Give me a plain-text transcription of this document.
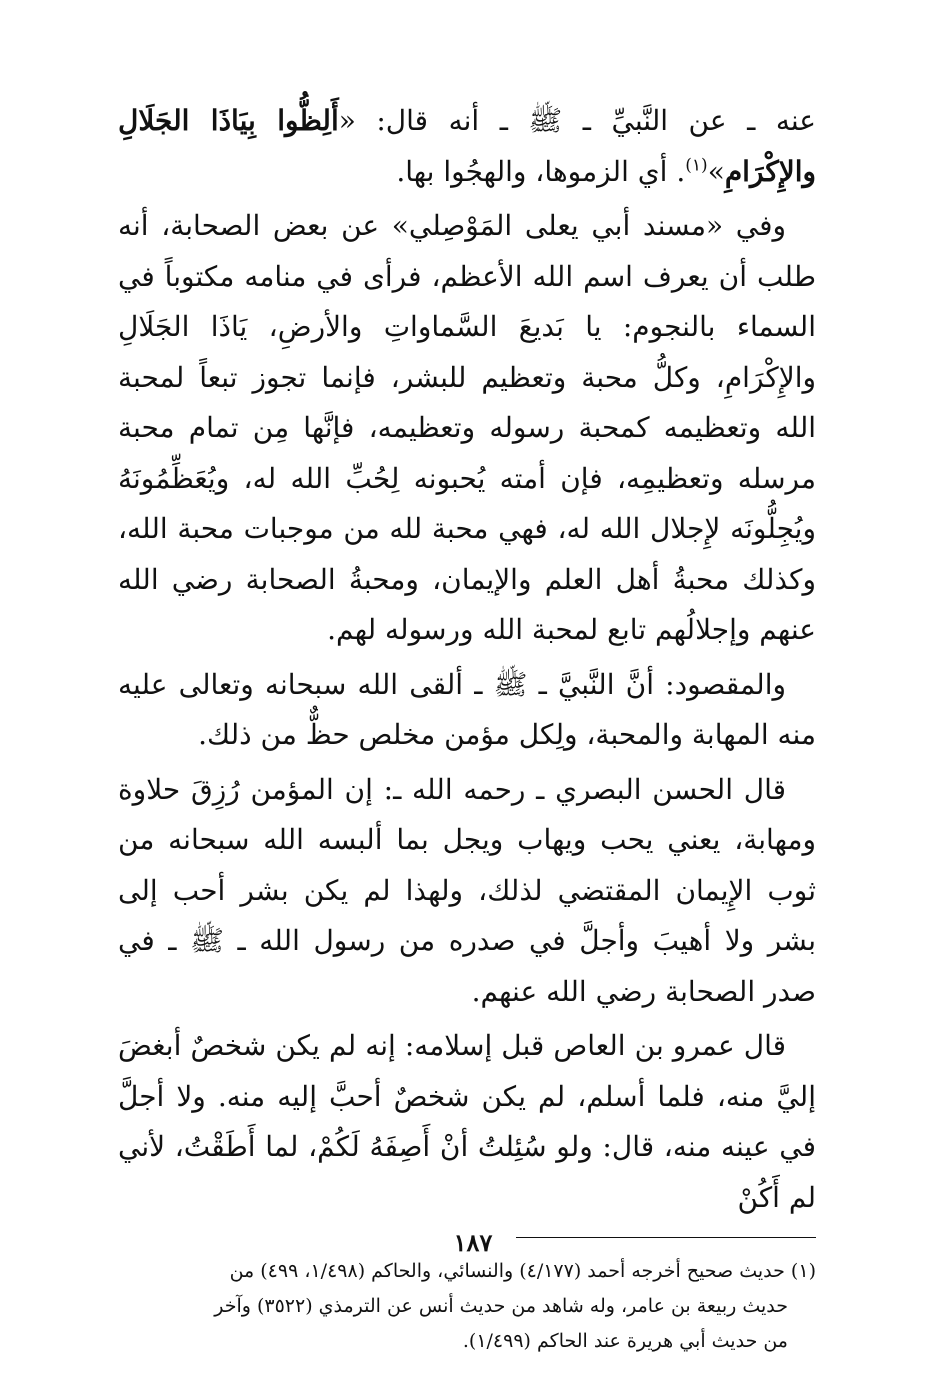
عنه ـ عن النَّبيِّ ـ ﷺ ـ أنه قال: «أَلِظُّوا بِيَاذَا الجَلَالِ والإِكْرَامِ»$^{(١)}$. أي الزموها، والهجُوا بها.

وفي «مسند أبي يعلى المَوْصِلي» عن بعض الصحابة، أنه طلب أن يعرف اسم الله الأعظم، فرأى في منامه مكتوباً في السماء بالنجوم: يا بَديعَ السَّماواتِ والأرضِ، يَاذَا الجَلَالِ والإِكْرَامِ، وكلُّ محبة وتعظيم للبشر، فإنما تجوز تبعاً لمحبة الله وتعظيمه كمحبة رسوله وتعظيمه، فإنَّها مِن تمام محبة مرسله وتعظيمِه، فإن أمته يُحبونه لِحُبِّ الله له، ويُعَظِّمُونَهُ ويُجِلُّونَه لإِجلال الله له، فهي محبة لله من موجبات محبة الله، وكذلك محبةُ أهل العلم والإيمان، ومحبةُ الصحابة رضي الله عنهم وإجلالُهم تابع لمحبة الله ورسوله لهم.

والمقصود: أنَّ النَّبيَّ ـ ﷺ ـ ألقى الله سبحانه وتعالى عليه منه المهابة والمحبة، ولِكل مؤمن مخلص حظٌّ من ذلك.

قال الحسن البصري ـ رحمه الله ـ: إن المؤمن رُزِقَ حلاوة ومهابة، يعني يحب ويهاب ويجل بما ألبسه الله سبحانه من ثوب الإِيمان المقتضي لذلك، ولهذا لم يكن بشر أحب إلى بشر ولا أهيبَ وأجلَّ في صدره من رسول الله ـ ﷺ ـ في صدر الصحابة رضي الله عنهم.

قال عمرو بن العاص قبل إسلامه: إنه لم يكن شخصٌ أبغضَ إليَّ منه، فلما أسلم، لم يكن شخصٌ أحبَّ إليه منه. ولا أجلَّ في عينه منه، قال: ولو سُئِلتُ أنْ أَصِفَهُ لَكُمْ، لما أَطَقْتُ، لأني لم أَكُنْ

(١) حديث صحيح أخرجه أحمد (٤/١٧٧) والنسائي، والحاكم (١/٤٩٨، ٤٩٩) من

حديث ربيعة بن عامر، وله شاهد من حديث أنس عن الترمذي (٣٥٢٢) وآخر

من حديث أبي هريرة عند الحاكم (١/٤٩٩).

١٨٧
